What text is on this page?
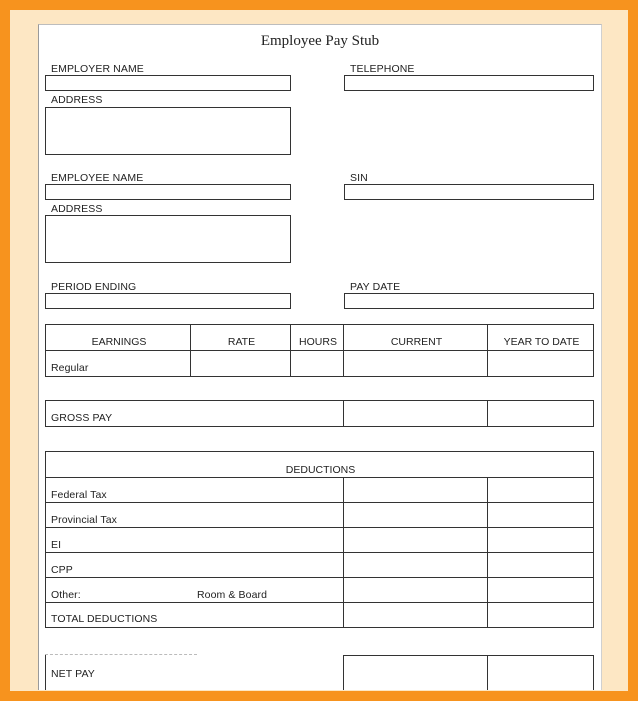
Employee Pay Stub
EMPLOYER NAME	TELEPHONE
ADDRESS
EMPLOYEE NAME	SIN
ADDRESS
PERIOD ENDING	PAY DATE
EARNINGS	RATE	HOURS	CURRENT	YEAR TO DATE
Regular
GROSS PAY
DEDUCTIONS
Federal Tax
Provincial Tax
EI
CPP
Other:	Room & Board
TOTAL DEDUCTIONS
NET PAY
